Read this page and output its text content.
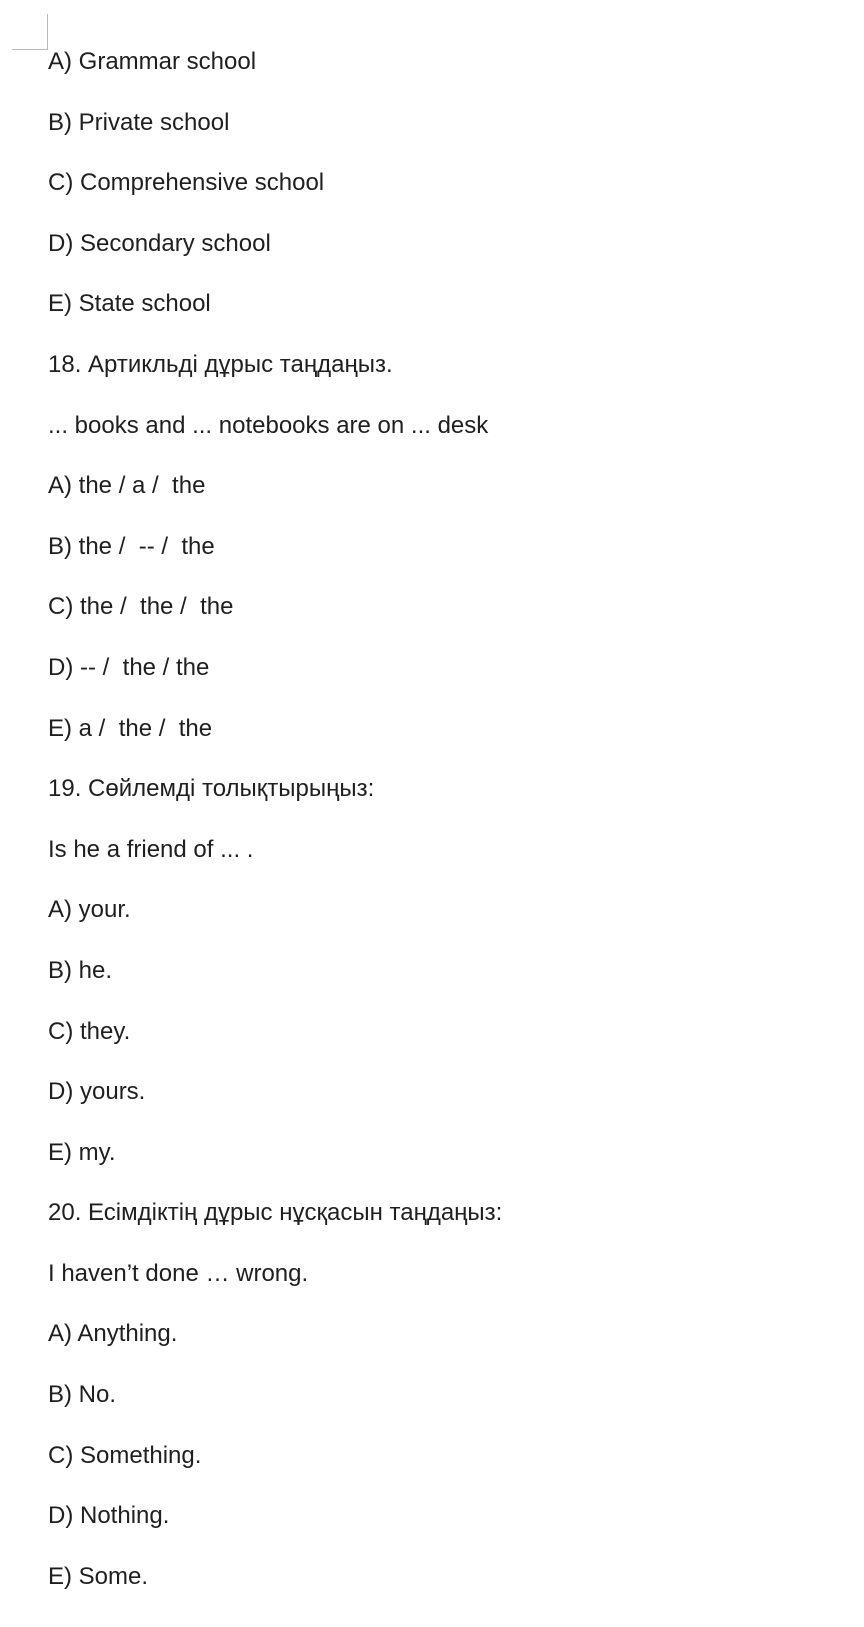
A) Grammar school
B) Private school
C) Comprehensive school
D) Secondary school
E) State school
18. Артикльді дұрыс таңдаңыз.
... books and ... notebooks are on ... desk
A) the / a /  the
B) the /  -- /  the
C) the /  the /  the
D) -- /  the / the
E) a /  the /  the
19. Сөйлемді толықтырыңыз:
Is he a friend of ... .
A) your.
B) he.
C) they.
D) yours.
E) my.
20. Есімдіктің дұрыс нұсқасын таңдаңыз:
I haven’t done … wrong.
A) Anything.
B) No.
C) Something.
D) Nothing.
E) Some.
